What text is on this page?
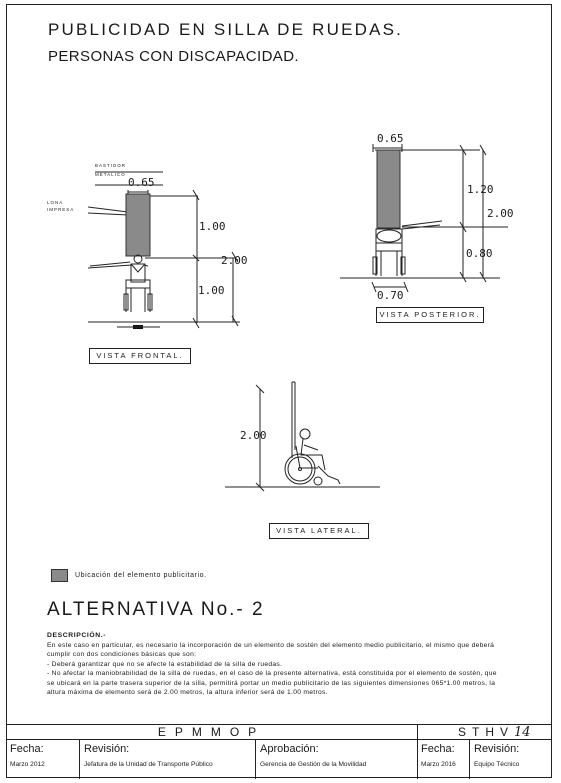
PUBLICIDAD EN SILLA DE RUEDAS.
PERSONAS CON DISCAPACIDAD.
BASTIDOR
METALICO
LONA
IMPRESA
0.65
1.00
2.00
1.00
VISTA FRONTAL.
0.65
1.20
2.00
0.80
0.70
VISTA POSTERIOR.
2.00
VISTA LATERAL.
Ubicación del elemento publicitario.
ALTERNATIVA No.- 2
DESCRIPCIÓN.-

En este caso en particular, es necesario la incorporación de un elemento de sostén del elemento medio publicitario, el mismo que deberá cumplir con dos condiciones básicas que son:

- Deberá garantizar que no se afecte la estabilidad de la silla de ruedas.

- No afectar la maniobrabilidad de la silla de ruedas, en el caso de la presente alternativa, está constituida por el elemento de sostén, que se ubicará en la parte trasera superior de la silla, permitirá portar un medio publicitario de las siguientes dimensiones 065*1.00 metros, la altura máxima de elemento será de 2.00 metros, la altura inferior será de 1.00 metros.

EPMMOP	STHV14
Fecha:
Marzo 2012
Revisión:
Jefatura de la Unidad de Transporte Público
Aprobación:
Gerencia de Gestión de la Movilidad
Fecha:
Marzo 2016
Revisión:
Equipo Técnico
